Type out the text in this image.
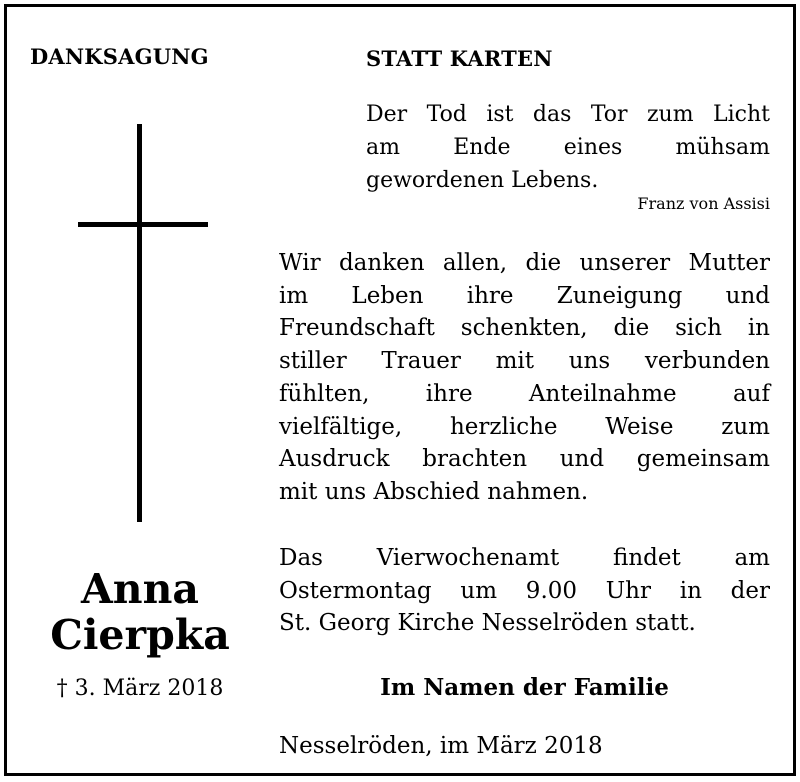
DANKSAGUNG
Anna
Cierpka
† 3. März 2018
STATT KARTEN
Der Tod ist das Tor zum Licht
am Ende eines mühsam
gewordenen Lebens.
Franz von Assisi
Wir danken allen, die unserer Mutter
im Leben ihre Zuneigung und
Freundschaft schenkten, die sich in
stiller Trauer mit uns verbunden
fühlten, ihre Anteilnahme auf
vielfältige, herzliche Weise zum
Ausdruck brachten und gemeinsam
mit uns Abschied nahmen.
Das Vierwochenamt findet am
Ostermontag um 9.00 Uhr in der
St. Georg Kirche Nesselröden statt.
Im Namen der Familie
Nesselröden, im März 2018
